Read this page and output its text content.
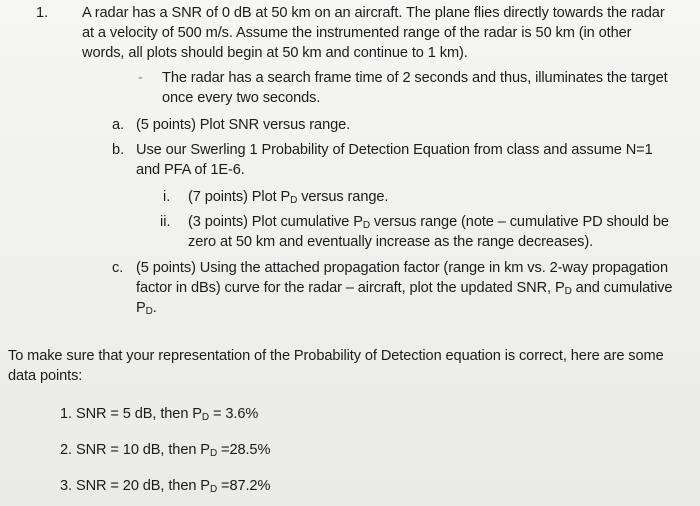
1. A radar has a SNR of 0 dB at 50 km on an aircraft. The plane flies directly towards the radar
at a velocity of 500 m/s. Assume the instrumented range of the radar is 50 km (in other
words, all plots should begin at 50 km and continue to 1 km).
- The radar has a search frame time of 2 seconds and thus, illuminates the target
once every two seconds.
a. (5 points) Plot SNR versus range.
b. Use our Swerling 1 Probability of Detection Equation from class and assume N=1
and PFA of 1E-6.
i. (7 points) Plot $P_D$ versus range.
ii. (3 points) Plot cumulative $P_D$ versus range (note – cumulative PD should be
zero at 50 km and eventually increase as the range decreases).
c. (5 points) Using the attached propagation factor (range in km vs. 2-way propagation
factor in dBs) curve for the radar – aircraft, plot the updated SNR, $P_D$ and cumulative
$P_D$.
To make sure that your representation of the Probability of Detection equation is correct, here are some
data points:
1. SNR = 5 dB, then $P_D = 3.6\%$
2. SNR = 10 dB, then $P_D =28.5\%$
3. SNR = 20 dB, then $P_D =87.2\%$
